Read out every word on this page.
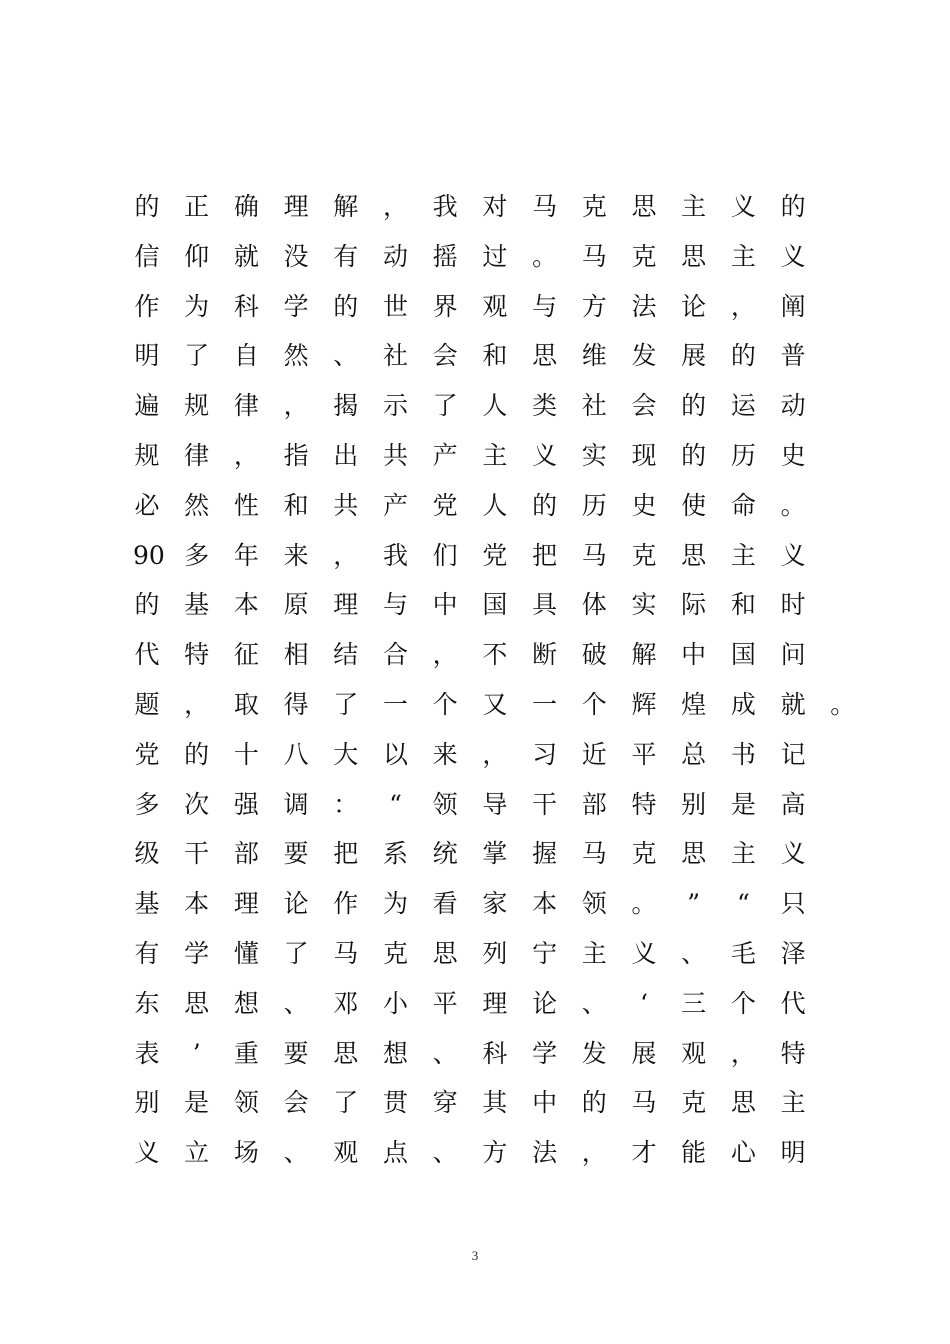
的 正 确 理 解 ， 我 对 马 克 思 主 义 的
信 仰 就 没 有 动 摇 过 。 马 克 思 主 义
作 为 科 学 的 世 界 观 与 方 法 论 ， 阐
明 了 自 然 、 社 会 和 思 维 发 展 的 普
遍 规 律 ， 揭 示 了 人 类 社 会 的 运 动
规 律 ， 指 出 共 产 主 义 实 现 的 历 史
必 然 性 和 共 产 党 人 的 历 史 使 命 。
90 多 年 来 ， 我 们 党 把 马 克 思 主 义
的 基 本 原 理 与 中 国 具 体 实 际 和 时
代 特 征 相 结 合 ， 不 断 破 解 中 国 问
题 ， 取 得 了 一 个 又 一 个 辉 煌 成 就 。
党 的 十 八 大 以 来 ， 习 近 平 总 书 记
多 次 强 调 ：	“	领 导 干 部 特 别 是 高
级 干 部 要 把 系 统 掌 握 马 克 思 主 义
基 本 理 论 作 为 看 家 本 领 。	”	“	只
有 学 懂 了 马 克 思 列 宁 主 义 、 毛 泽
东 思 想 、 邓 小 平 理 论 、	‘	三 个 代
表	’	重 要 思 想 、 科 学 发 展 观 ， 特
别 是 领 会 了 贯 穿 其 中 的 马 克 思 主
义 立 场 、 观 点 、 方 法 ， 才 能 心 明
3
